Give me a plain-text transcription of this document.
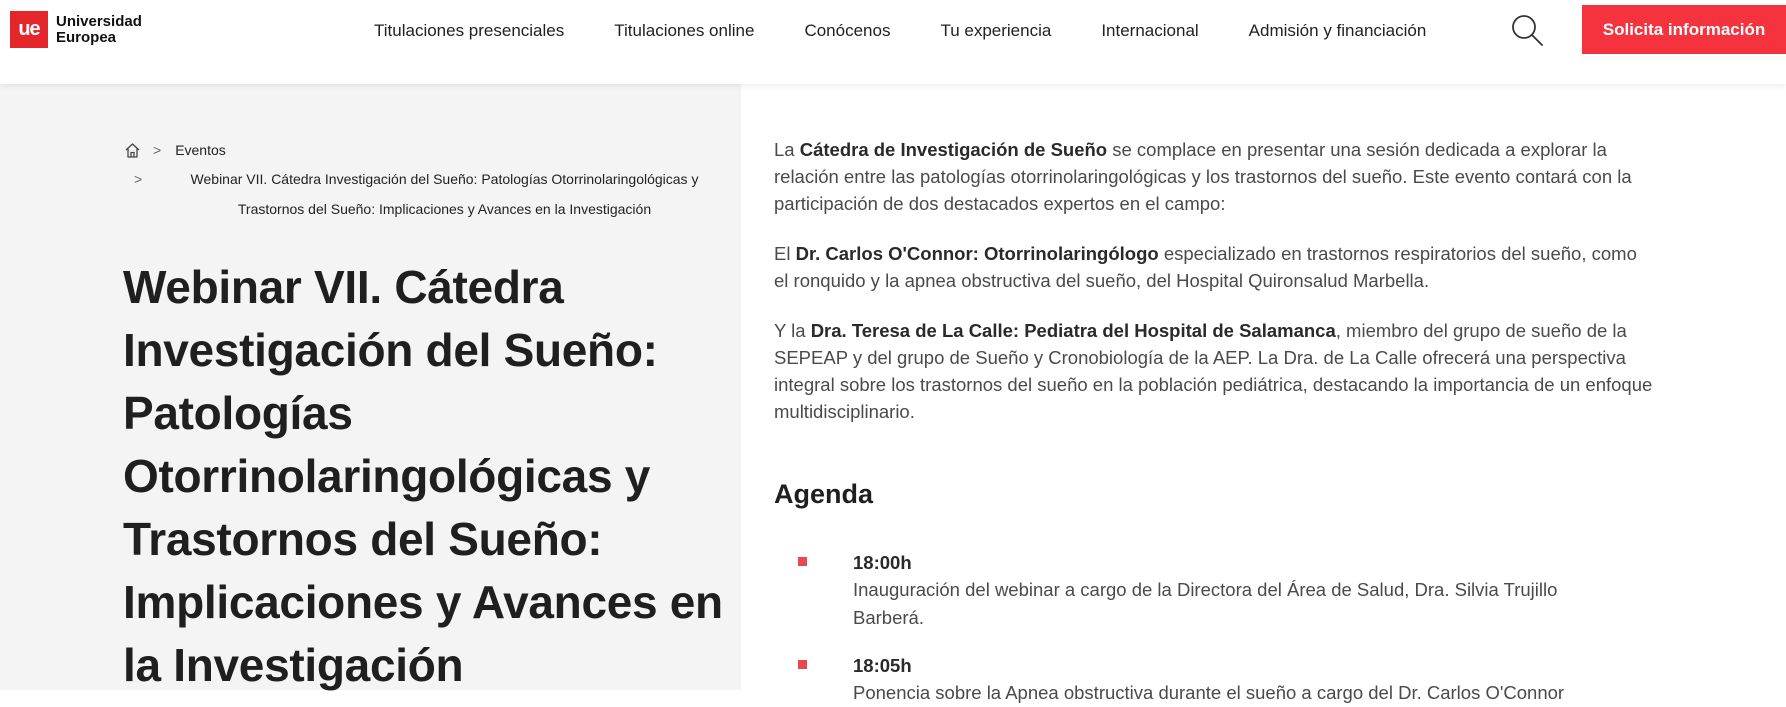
ue	Universidad
Europea	Titulaciones presenciales	Titulaciones online	Conócenos	Tu experiencia	Internacional	Admisión y financiación	Solicita información
> Eventos
>	Webinar VII. Cátedra Investigación del Sueño: Patologías Otorrinolaringológicas y Trastornos del Sueño: Implicaciones y Avances en la Investigación
Webinar VII. Cátedra Investigación del Sueño: Patologías Otorrinolaringológicas y Trastornos del Sueño: Implicaciones y Avances en la Investigación

La Cátedra de Investigación de Sueño se complace en presentar una sesión dedicada a explorar la relación entre las patologías otorrinolaringológicas y los trastornos del sueño. Este evento contará con la participación de dos destacados expertos en el campo:

El Dr. Carlos O'Connor: Otorrinolaringólogo especializado en trastornos respiratorios del sueño, como el ronquido y la apnea obstructiva del sueño, del Hospital Quironsalud Marbella.

Y la Dra. Teresa de La Calle: Pediatra del Hospital de Salamanca, miembro del grupo de sueño de la SEPEAP y del grupo de Sueño y Cronobiología de la AEP. La Dra. de La Calle ofrecerá una perspectiva integral sobre los trastornos del sueño en la población pediátrica, destacando la importancia de un enfoque multidisciplinario.

Agenda
18:00h
Inauguración del webinar a cargo de la Directora del Área de Salud, Dra. Silvia Trujillo Barberá.
18:05h
Ponencia sobre la Apnea obstructiva durante el sueño a cargo del Dr. Carlos O'Connor
